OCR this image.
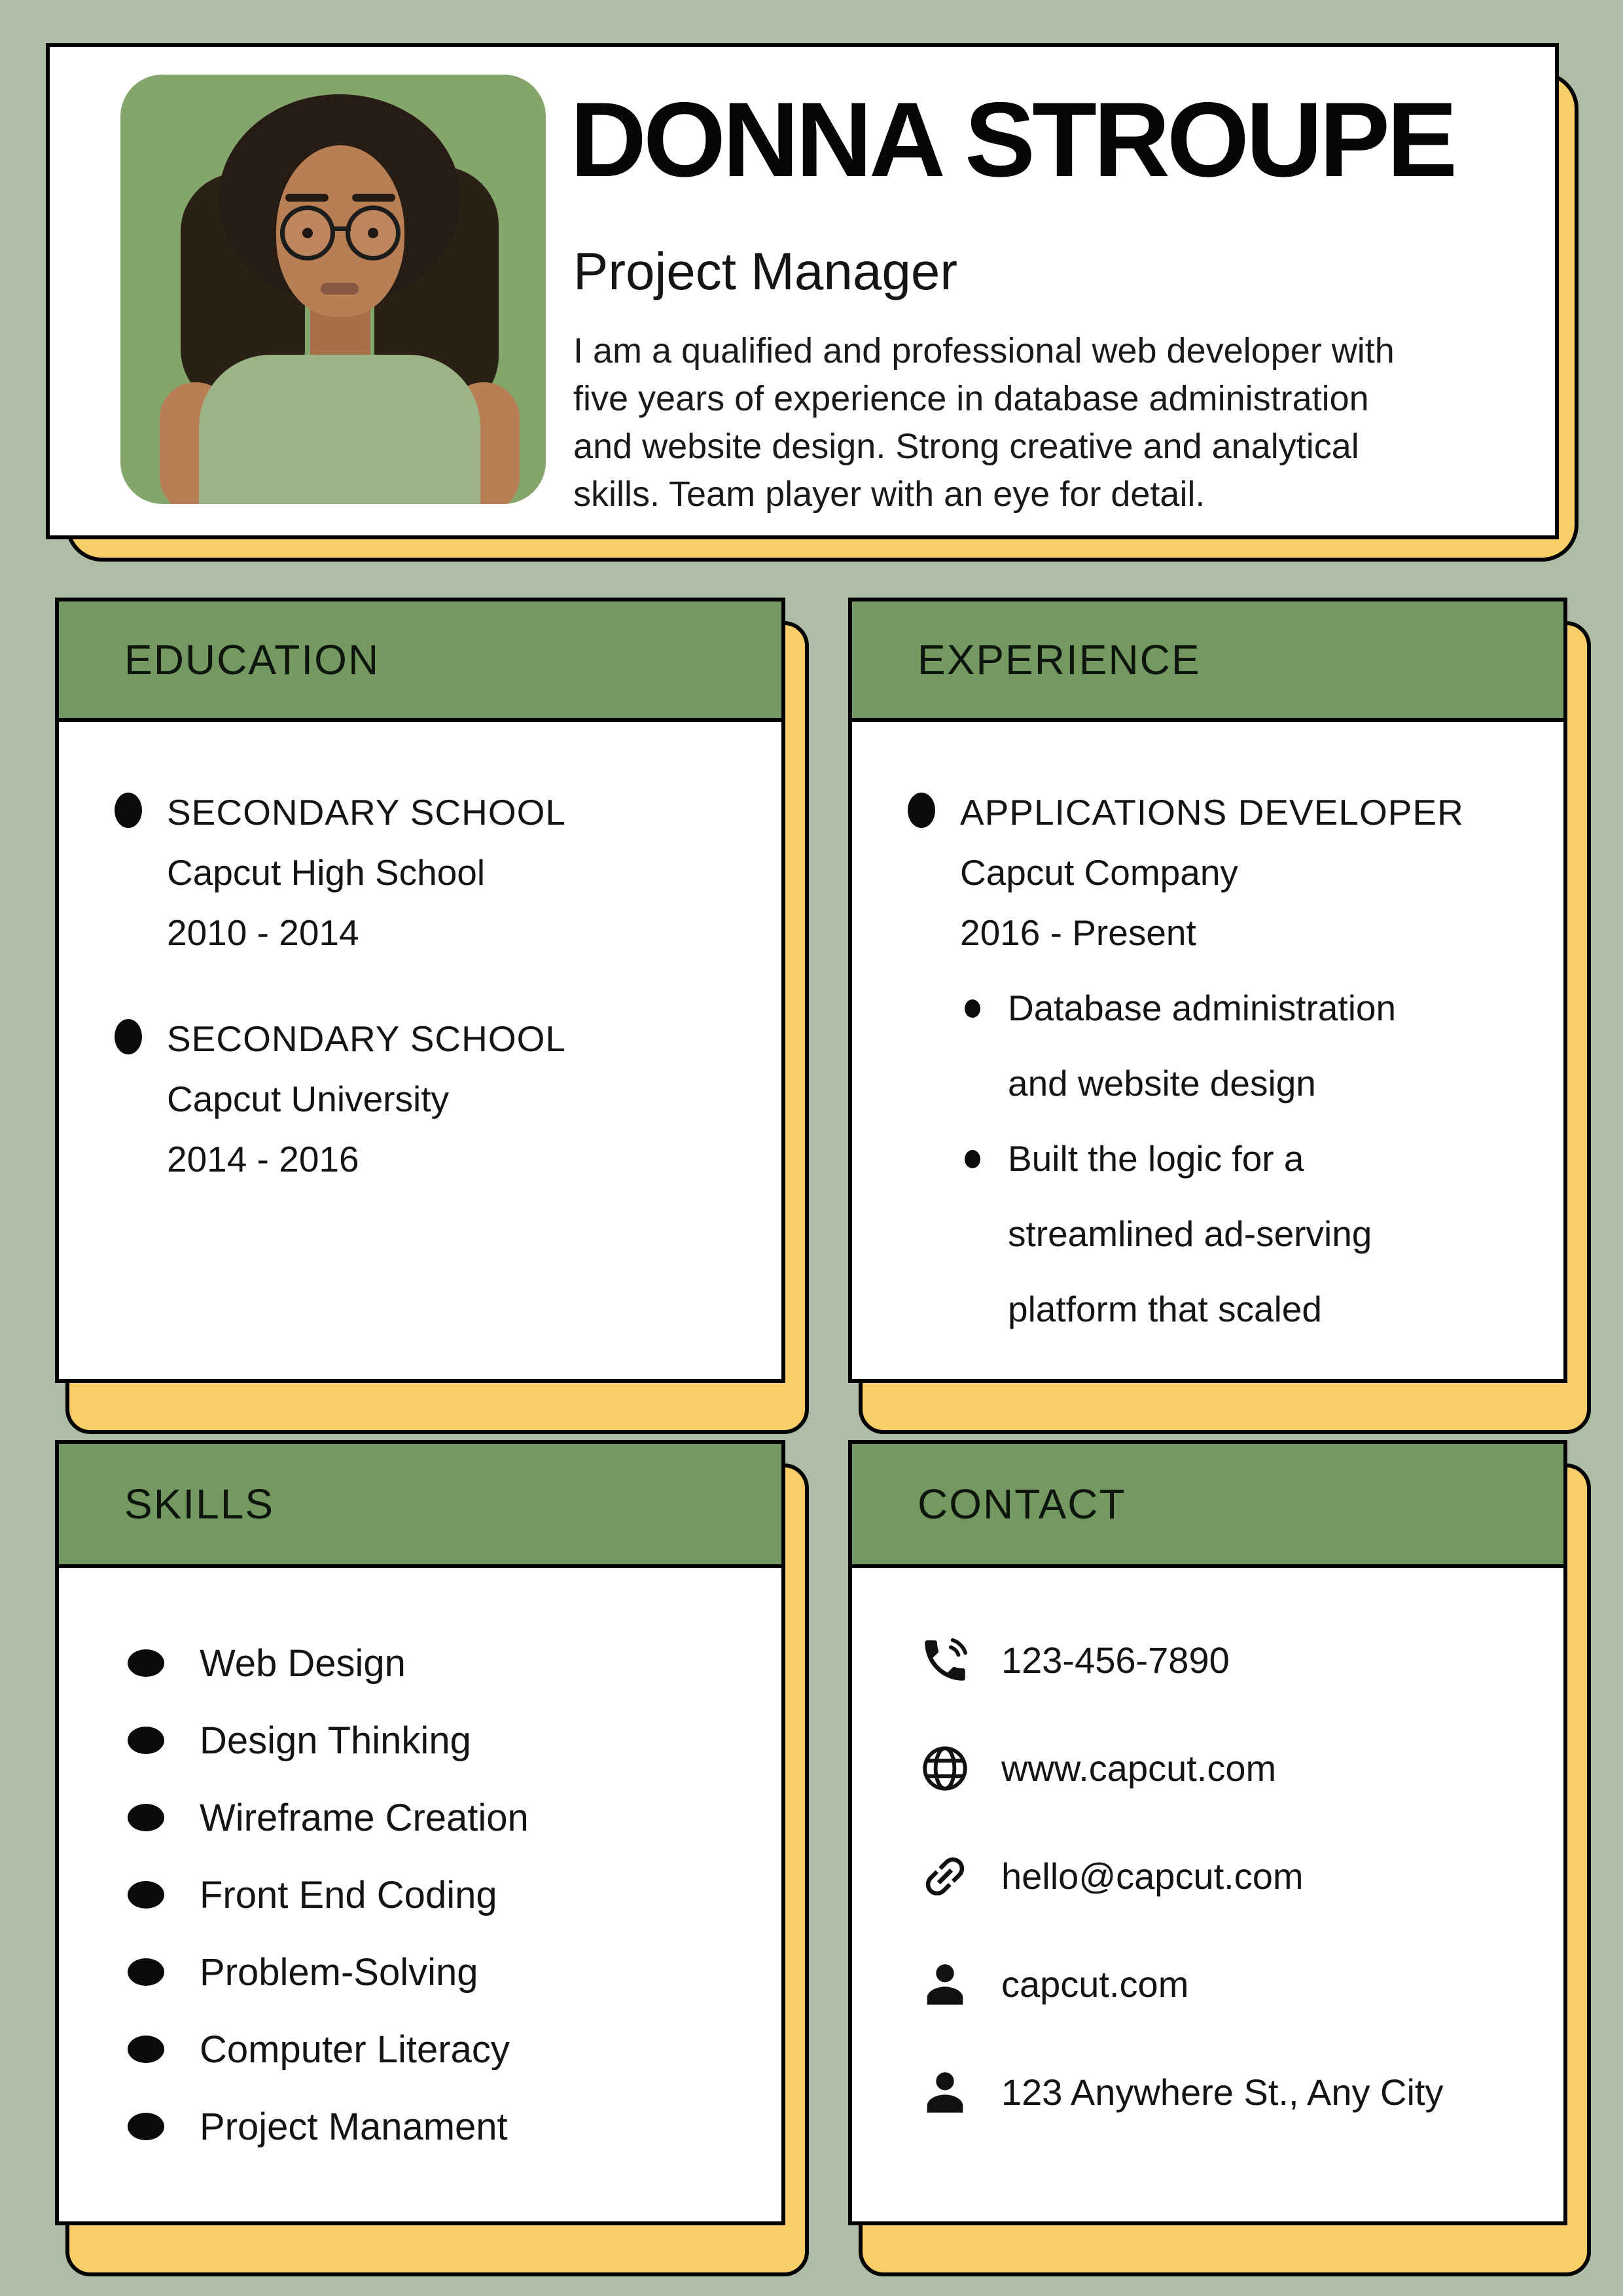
DONNA STROUPE
Project Manager
I am a qualified and professional web developer with
five years of experience in database administration
and website design. Strong creative and analytical
skills. Team player with an eye for detail.
EDUCATION
SECONDARY SCHOOL
Capcut High School
2010 - 2014
SECONDARY SCHOOL
Capcut University
2014 - 2016
EXPERIENCE
APPLICATIONS DEVELOPER
Capcut Company
2016 - Present
Database administration and website design
Built the logic for a streamlined ad-serving platform that scaled
SKILLS
Web Design
Design Thinking
Wireframe Creation
Front End Coding
Problem-Solving
Computer Literacy
Project Manament
CONTACT
123-456-7890
www.capcut.com
hello@capcut.com
capcut.com
123 Anywhere St., Any City
